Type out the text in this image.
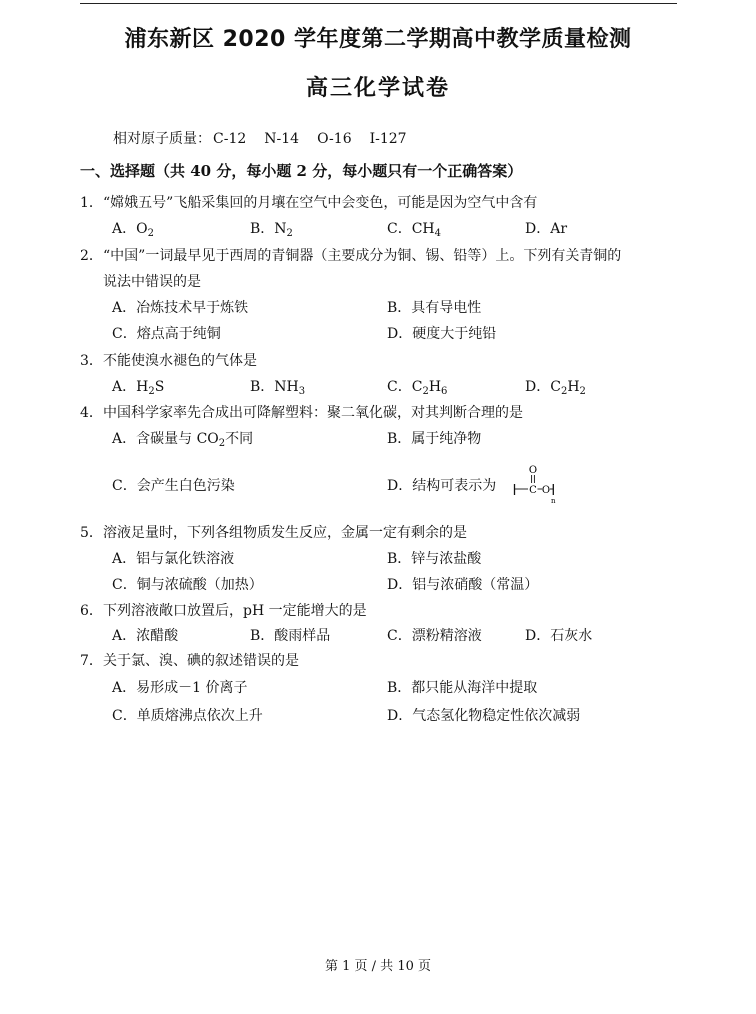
浦东新区 2020 学年度第二学期高中教学质量检测
高三化学试卷
相对原子质量： C-12 N-14 O-16 I-127
一、选择题（共 40 分，每小题 2 分，每小题只有一个正确答案）
1． “嫦娥五号”飞船采集回的月壤在空气中会变色，可能是因为空气中含有
A．$O_2$	B．$N_2$	C．$CH_4$	D．Ar
2． “中国”一词最早见于西周的青铜器（主要成分为铜、锡、铅等）上。下列有关青铜的
说法中错误的是
A．冶炼技术早于炼铁	B．具有导电性
C．熔点高于纯铜	D．硬度大于纯铅
3． 不能使溴水褪色的气体是
A．$H_2S$	B．$NH_3$	C．$C_2H_6$	D．$C_2H_2$
4． 中国科学家率先合成出可降解塑料：聚二氧化碳，对其判断合理的是
A．含碳量与 $CO_2$不同	B．属于纯净物
C．会产生白色污染	D．结构可表示为
O
C O
n
5． 溶液足量时，下列各组物质发生反应，金属一定有剩余的是
A．铝与氯化铁溶液	B．锌与浓盐酸
C．铜与浓硫酸（加热）	D．铝与浓硝酸（常温）
6． 下列溶液敞口放置后，pH 一定能增大的是
A．浓醋酸	B．酸雨样品	C．漂粉精溶液	D．石灰水
7． 关于氯、溴、碘的叙述错误的是
A．易形成－1 价离子	B．都只能从海洋中提取
C．单质熔沸点依次上升	D．气态氢化物稳定性依次减弱
第 1 页 / 共 10 页
